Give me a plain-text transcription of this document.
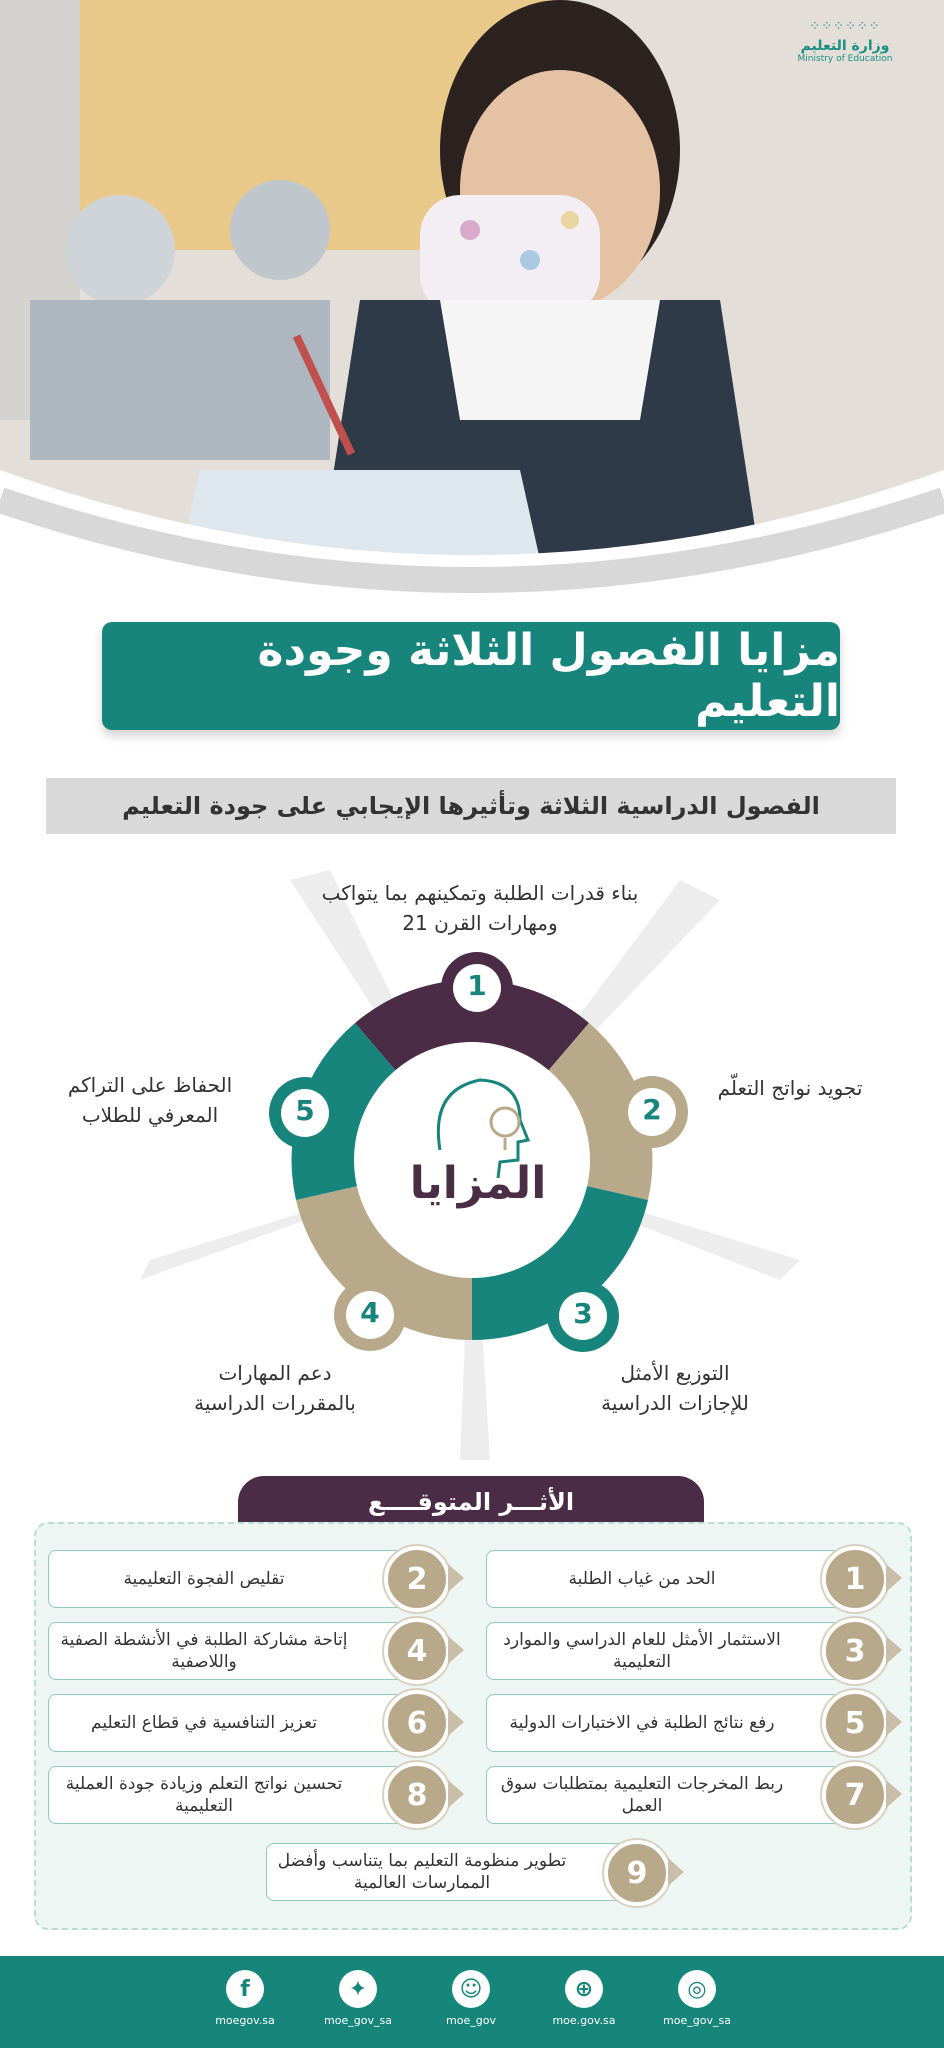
⁘⁘⁘⁘⁘⁘
وزارة التعليم
Ministry of Education
مزايا الفصول الثلاثة وجودة التعليم
الفصول الدراسية الثلاثة وتأثيرها الإيجابي على جودة التعليم
1
2
3
4
5
المزايا
بناء قدرات الطلبة وتمكينهم بما يتواكب ومهارات القرن 21
تجويد نواتج التعلّم
التوزيع الأمثل للإجازات الدراسية
دعم المهارات بالمقررات الدراسية
الحفاظ على التراكم المعرفي للطلاب
الأثـــر المتوقــــع
الحد من غياب الطلبة	1
الاستثمار الأمثل للعام الدراسي والموارد التعليمية	3
رفع نتائج الطلبة في الاختبارات الدولية	5
ربط المخرجات التعليمية بمتطلبات سوق العمل	7
تقليص الفجوة التعليمية	2
إتاحة مشاركة الطلبة في الأنشطة الصفية واللاصفية	4
تعزيز التنافسية في قطاع التعليم	6
تحسين نواتج التعلم وزيادة جودة العملية التعليمية	8
تطوير منظومة التعليم بما يتناسب وأفضل الممارسات العالمية	9
◎
moe_gov_sa
⊕
moe.gov.sa
☺
moe_gov
✦
moe_gov_sa
f
moegov.sa
